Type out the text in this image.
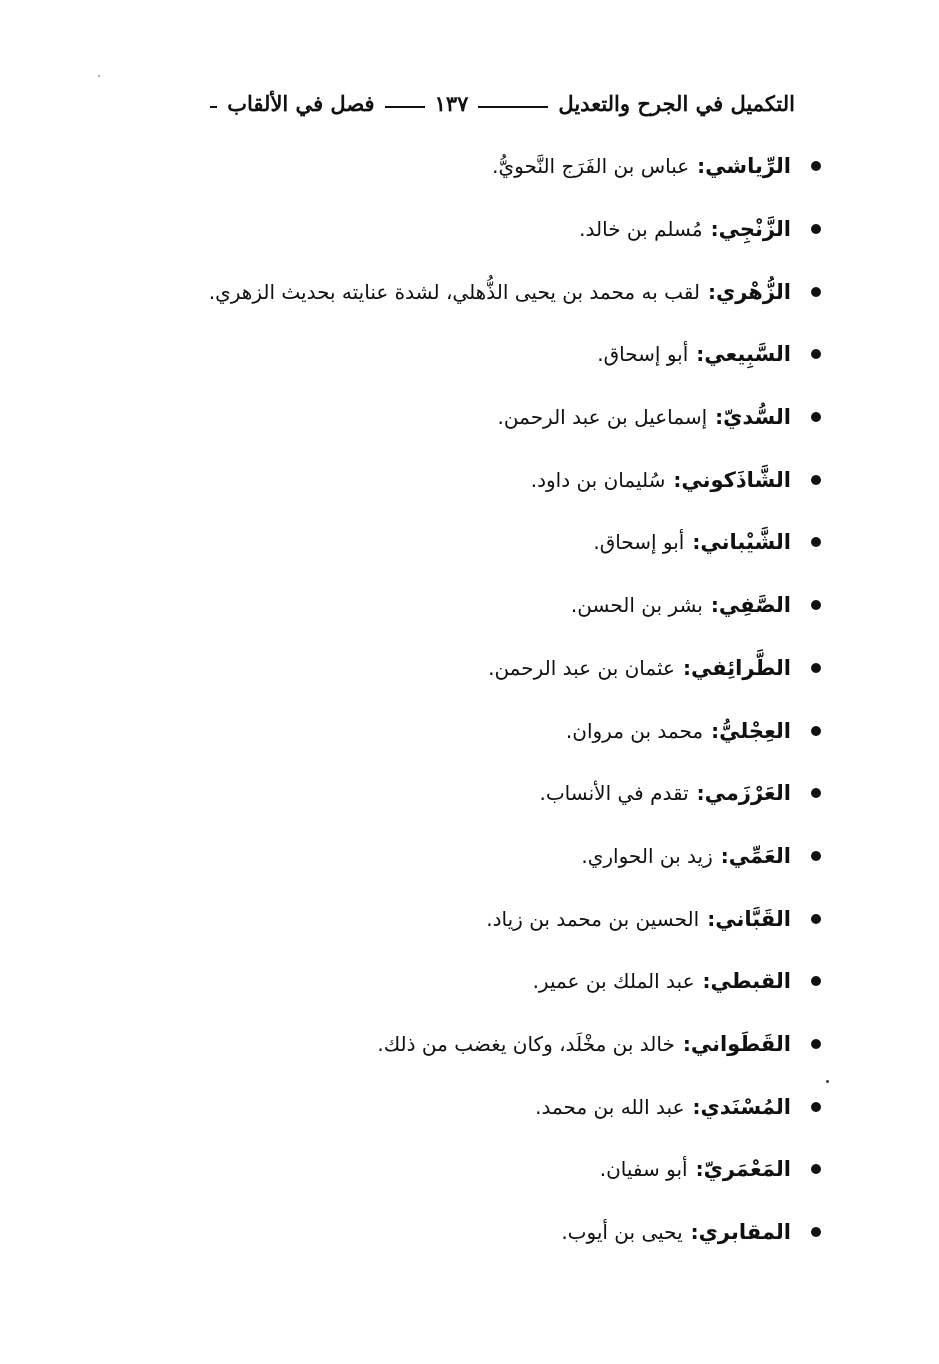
التكميل في الجرح والتعديل
١٣٧
فصل في الألقاب
الرِّياشي
:
عباس بن الفَرَج النَّحويُّ.
الزَّنْجِي
:
مُسلم بن خالد.
الزُّهْري
:
لقب به محمد بن يحيى الذُّهلي، لشدة عنايته بحديث الزهري.
السَّبِيعي
:
أبو إسحاق.
السُّديّ
:
إسماعيل بن عبد الرحمن.
الشَّاذَكوني
:
سُليمان بن داود.
الشَّيْباني
:
أبو إسحاق.
الصَّفِي
:
بشر بن الحسن.
الطَّرائِفي
:
عثمان بن عبد الرحمن.
العِجْليُّ
:
محمد بن مروان.
العَرْزَمي
:
تقدم في الأنساب.
العَمِّي
:
زيد بن الحواري.
القَبَّاني
:
الحسين بن محمد بن زياد.
القبطي
:
عبد الملك بن عمير.
القَطَواني
:
خالد بن مخْلَد، وكان يغضب من ذلك.
المُسْنَدي
:
عبد الله بن محمد.
المَعْمَريّ
:
أبو سفيان.
المقابري
:
يحيى بن أيوب.
